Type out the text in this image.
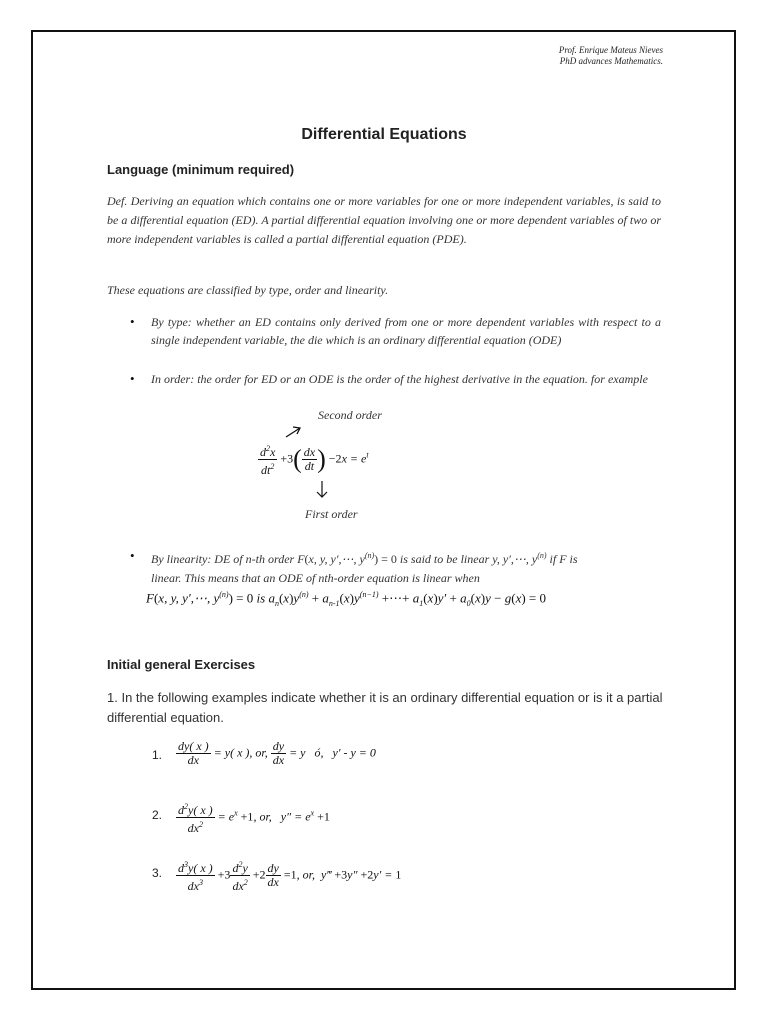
Prof. Enrique Mateus Nieves
PhD advances Mathematics.
Differential Equations
Language (minimum required)
Def. Deriving an equation which contains one or more variables for one or more independent variables, is said to be a differential equation (ED). A partial differential equation involving one or more dependent variables of two or more independent variables is called a partial differential equation (PDE).
These equations are classified by type, order and linearity.
• By type: whether an ED contains only derived from one or more dependent variables with respect to a single independent variable, the die which is an ordinary differential equation (ODE)
• In order: the order for ED or an ODE is the order of the highest derivative in the equation. for example
Second order
$\frac{d^2x}{dt^2} +3( \frac{dx}{dt}$ ) $-2x = e^t$
First order
• By linearity: DE of n-th order F(x, y, y′,⋯, $y^{(n)}) = 0$ is said to be linear y, y′,⋯, $y^{(n)}$ if F is
linear. This means that an ODE of nth-order equation is linear when
F(x, y, y′,⋯, $y^{(n)}) = 0$ is $a_n(x)y^{(n)} + a_{n-1}(x)y^{(n-1)}$ +⋯+ $a_1(x)y' + a_0(x)y - g(x) = 0$
Initial general Exercises
1. In the following examples indicate whether it is an ordinary differential equation or is it a partial differential equation.
1. $\frac{dy( x )}{dx} = y$( x ), or, $\frac{dy}{dx} = y$   ó,   y′ - y = 0
2. $\frac{d^2y( x )}{dx^2} = e^x +1$, or,   $y'' = e^x +1$
3. $\frac{d^3y( x )}{dx^3} +3 \frac{d^2y}{dx^2} +2 \frac{dy}{dx} =1$, or,  y‴ +3y″ +2y′ = 1
